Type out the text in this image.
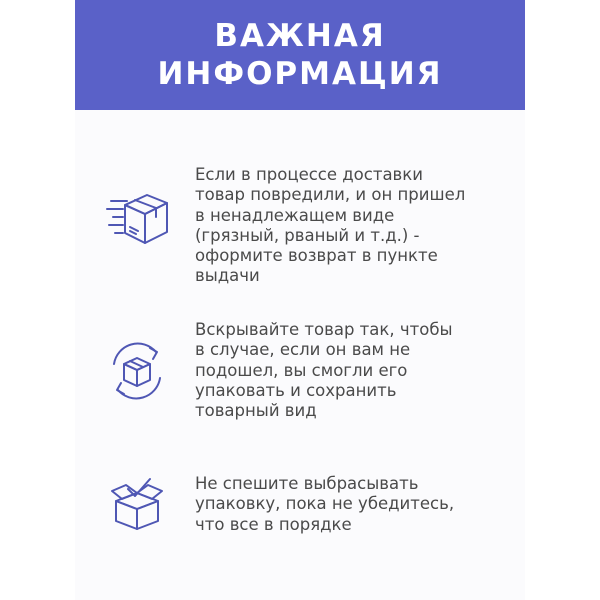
ВАЖНАЯ
ИНФОРМАЦИЯ
Если в процессе доставки
товар повредили, и он пришел
в ненадлежащем виде
(грязный, рваный и т.д.) -
оформите возврат в пункте
выдачи
Вскрывайте товар так, чтобы
в случае, если он вам не
подошел, вы смогли его
упаковать и сохранить
товарный вид
Не спешите выбрасывать
упаковку, пока не убедитесь,
что все в порядке
